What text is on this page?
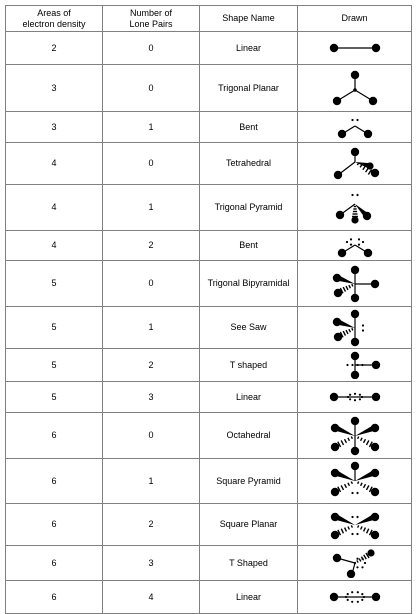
Areas of
electron density	Number of
Lone Pairs	Shape Name	Drawn
2	0	Linear	

3	0	Trigonal Planar	

3	1	Bent	

4	0	Tetrahedral	

4	1	Trigonal Pyramid	

4	2	Bent	

5	0	Trigonal Bipyramidal	

5	1	See Saw	

5	2	T shaped	

5	3	Linear	

6	0	Octahedral	

6	1	Square Pyramid	

6	2	Square Planar	

6	3	T Shaped	

6	4	Linear	
